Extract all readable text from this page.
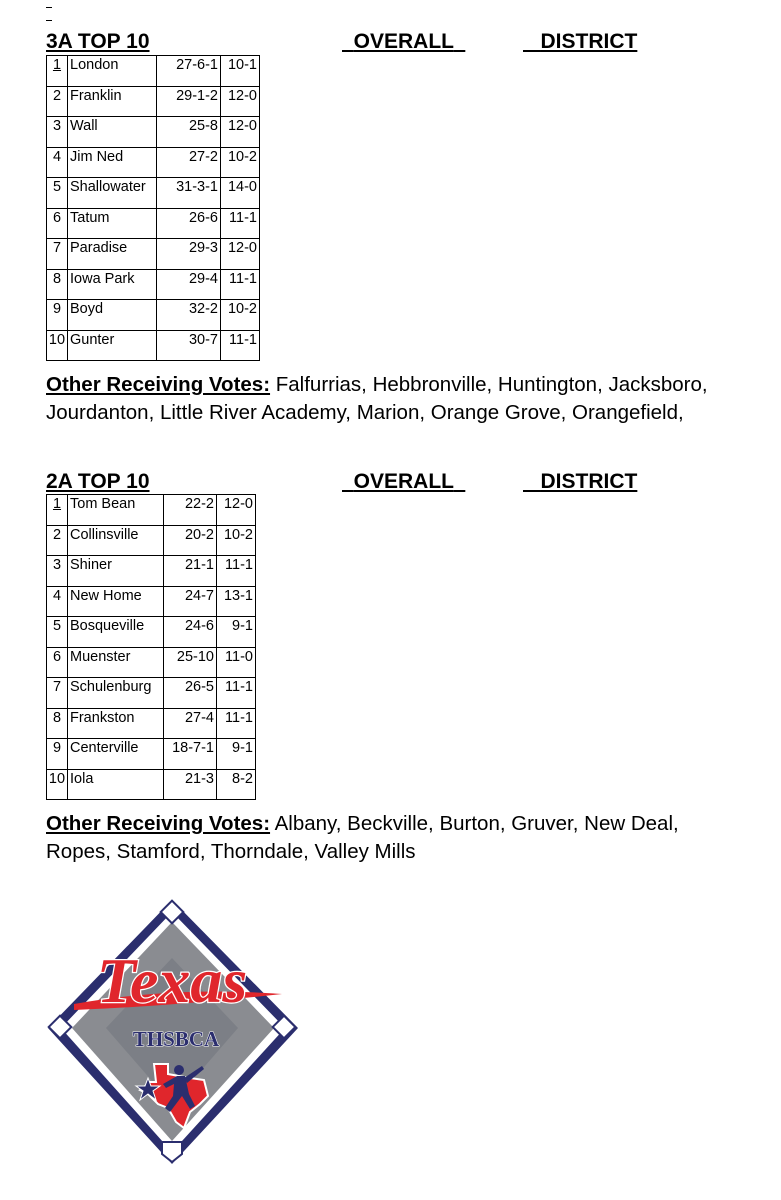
3A TOP 10	OVERALL	DISTRICT
1	London	27-6-1	10-1
2	Franklin	29-1-2	12-0
3	Wall	25-8	12-0
4	Jim Ned	27-2	10-2
5	Shallowater	31-3-1	14-0
6	Tatum	26-6	11-1
7	Paradise	29-3	12-0
8	Iowa Park	29-4	11-1
9	Boyd	32-2	10-2
10	Gunter	30-7	11-1
Other Receiving Votes: Falfurrias, Hebbronville, Huntington, Jacksboro, Jourdanton, Little River Academy, Marion, Orange Grove, Orangefield,
2A TOP 10	OVERALL	DISTRICT
1	Tom Bean	22-2	12-0
2	Collinsville	20-2	10-2
3	Shiner	21-1	11-1
4	New Home	24-7	13-1
5	Bosqueville	24-6	9-1
6	Muenster	25-10	11-0
7	Schulenburg	26-5	11-1
8	Frankston	27-4	11-1
9	Centerville	18-7-1	9-1
10	Iola	21-3	8-2
Other Receiving Votes: Albany, Beckville, Burton, Gruver, New Deal, Ropes, Stamford, Thorndale, Valley Mills
Texas
THSBCA
